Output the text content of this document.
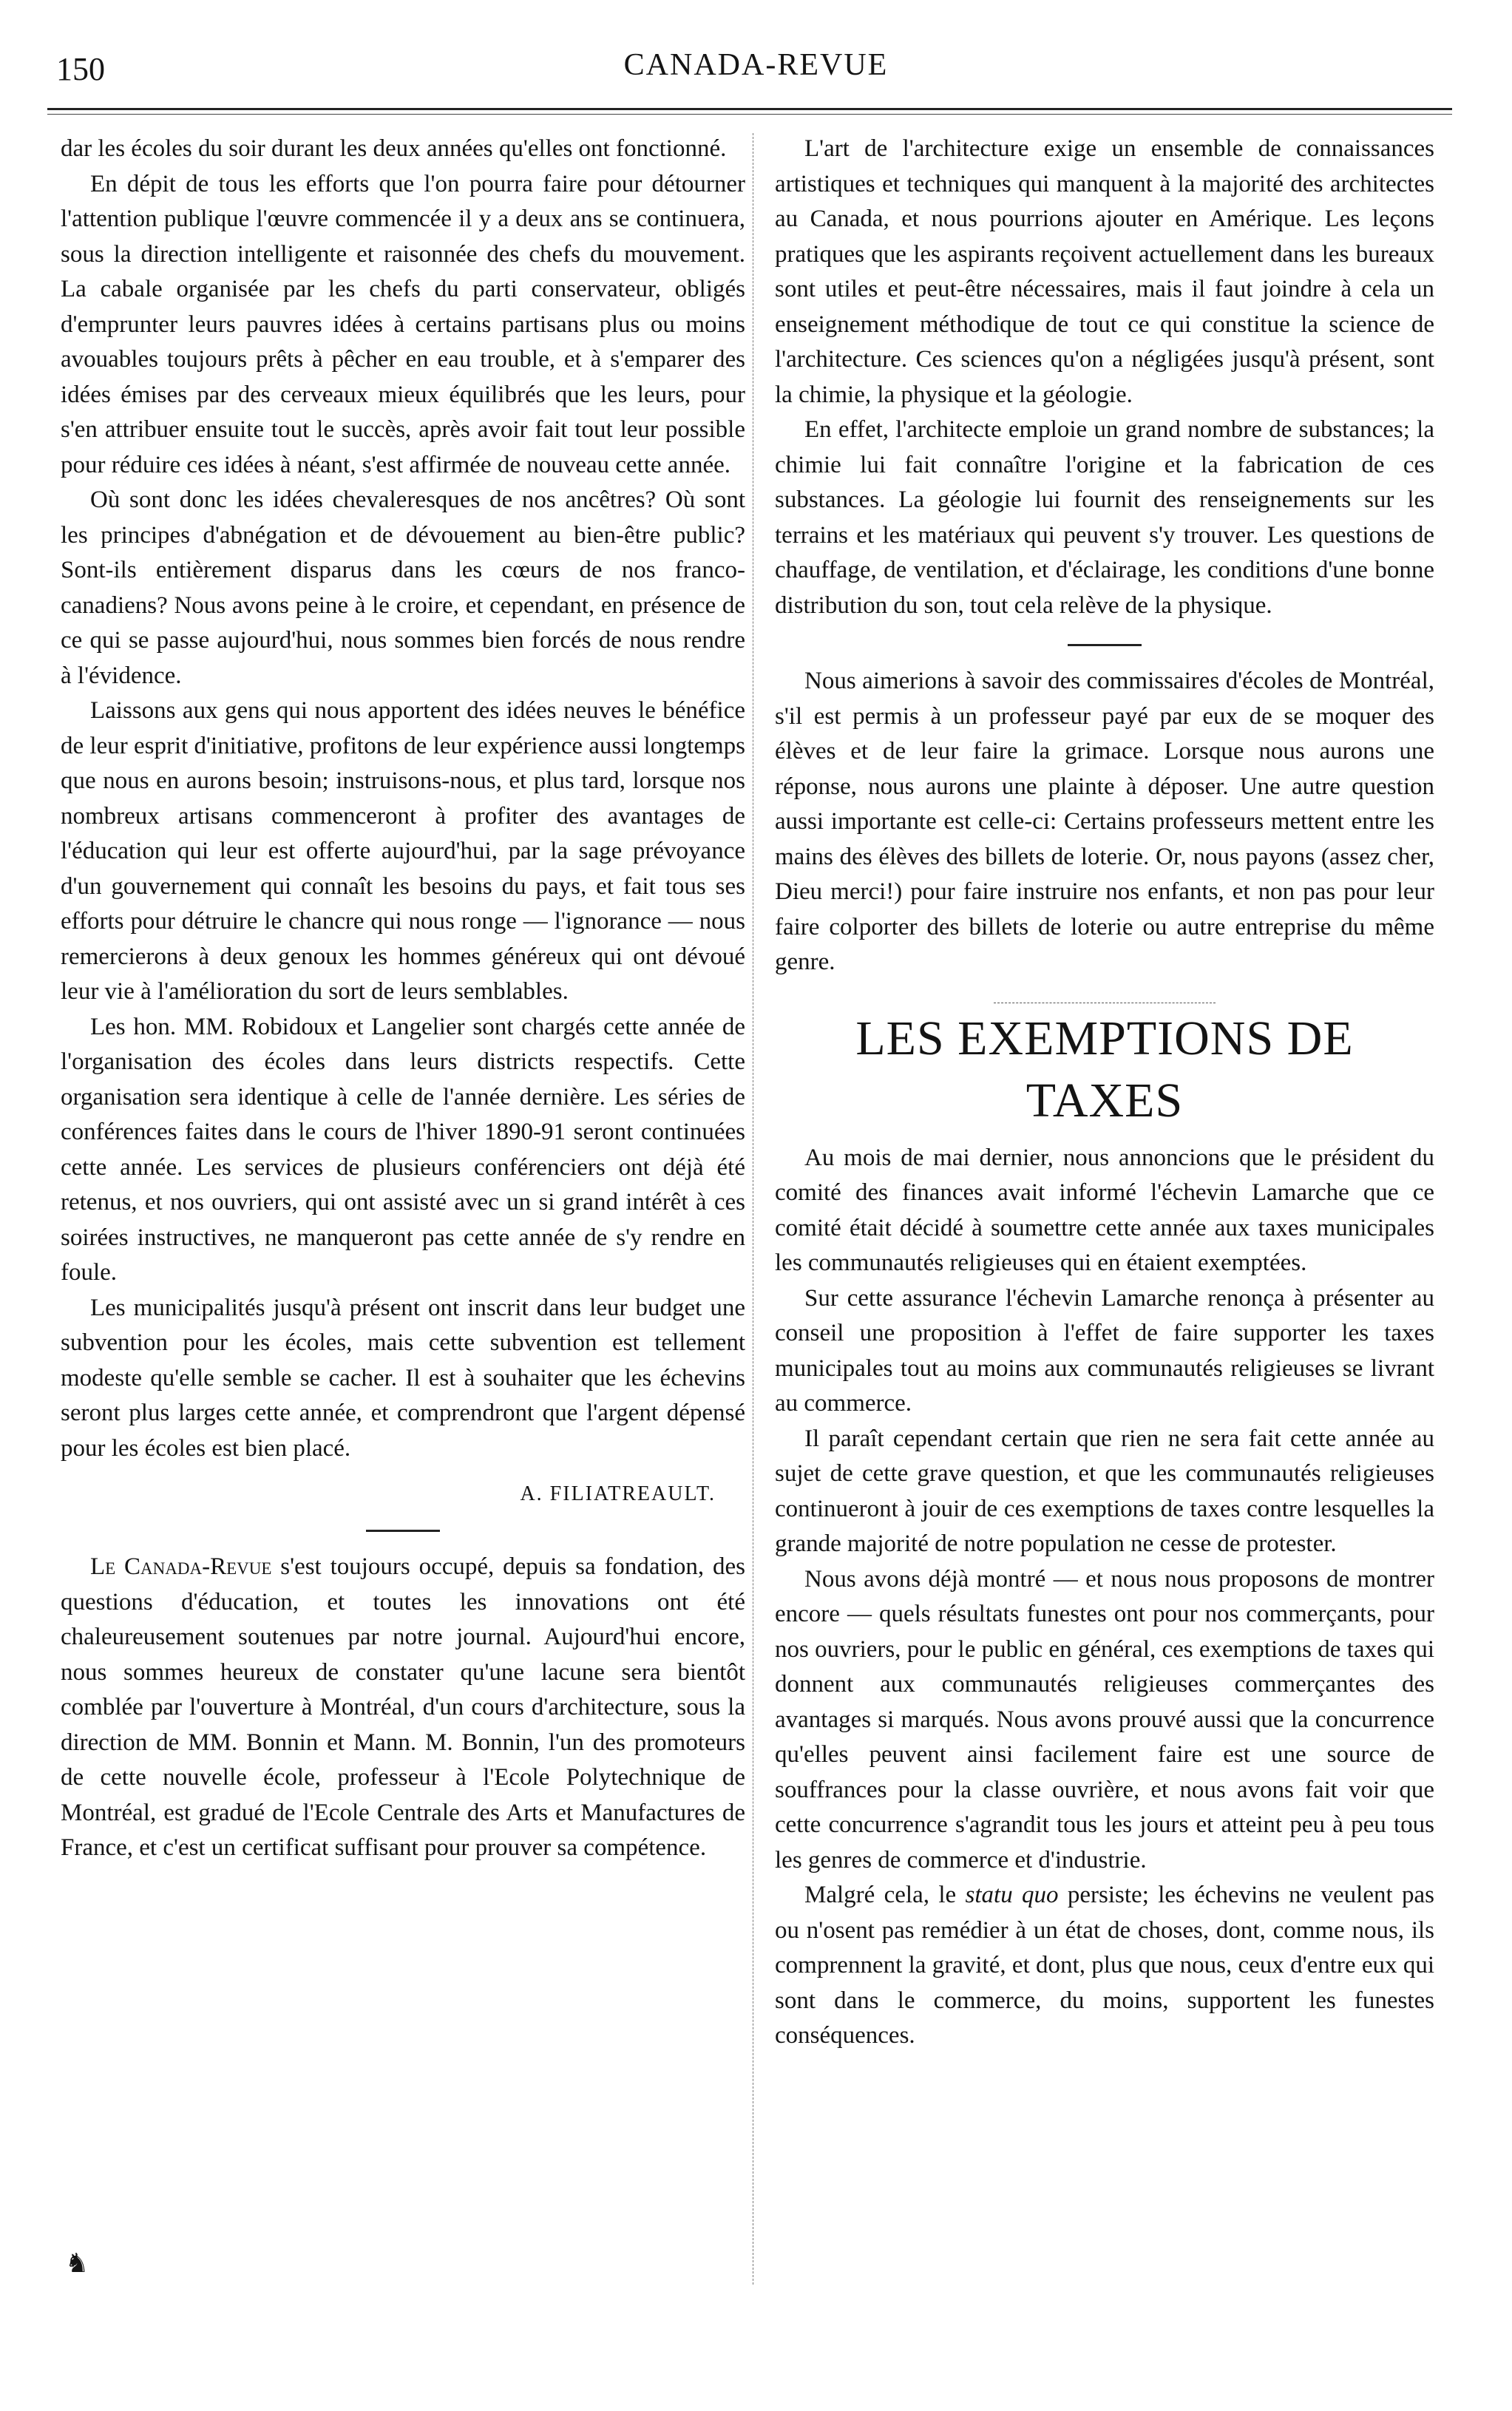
150	CANADA-REVUE

dar les écoles du soir durant les deux années qu'elles ont fonctionné.

En dépit de tous les efforts que l'on pourra faire pour détourner l'attention publique l'œuvre commencée il y a deux ans se continuera, sous la direction intelligente et raisonnée des chefs du mouvement. La cabale organisée par les chefs du parti conservateur, obligés d'emprunter leurs pauvres idées à certains partisans plus ou moins avouables toujours prêts à pêcher en eau trouble, et à s'emparer des idées émises par des cerveaux mieux équilibrés que les leurs, pour s'en attribuer ensuite tout le succès, après avoir fait tout leur possible pour réduire ces idées à néant, s'est affirmée de nouveau cette année.

Où sont donc les idées chevaleresques de nos ancêtres? Où sont les principes d'abnégation et de dévouement au bien-être public? Sont-ils entièrement disparus dans les cœurs de nos franco-canadiens? Nous avons peine à le croire, et cependant, en présence de ce qui se passe aujourd'hui, nous sommes bien forcés de nous rendre à l'évidence.

Laissons aux gens qui nous apportent des idées neuves le bénéfice de leur esprit d'initiative, profitons de leur expérience aussi longtemps que nous en aurons besoin; instruisons-nous, et plus tard, lorsque nos nombreux artisans commenceront à profiter des avantages de l'éducation qui leur est offerte aujourd'hui, par la sage prévoyance d'un gouvernement qui connaît les besoins du pays, et fait tous ses efforts pour détruire le chancre qui nous ronge — l'ignorance — nous remercierons à deux genoux les hommes généreux qui ont dévoué leur vie à l'amélioration du sort de leurs semblables.

Les hon. MM. Robidoux et Langelier sont chargés cette année de l'organisation des écoles dans leurs districts respectifs. Cette organisation sera identique à celle de l'année dernière. Les séries de conférences faites dans le cours de l'hiver 1890-91 seront continuées cette année. Les services de plusieurs conférenciers ont déjà été retenus, et nos ouvriers, qui ont assisté avec un si grand intérêt à ces soirées instructives, ne manqueront pas cette année de s'y rendre en foule.

Les municipalités jusqu'à présent ont inscrit dans leur budget une subvention pour les écoles, mais cette subvention est tellement modeste qu'elle semble se cacher. Il est à souhaiter que les échevins seront plus larges cette année, et comprendront que l'argent dépensé pour les écoles est bien placé.

A. FILIATREAULT.

Le Canada-Revue s'est toujours occupé, depuis sa fondation, des questions d'éducation, et toutes les innovations ont été chaleureusement soutenues par notre journal. Aujourd'hui encore, nous sommes heureux de constater qu'une lacune sera bientôt comblée par l'ouverture à Montréal, d'un cours d'architecture, sous la direction de MM. Bonnin et Mann. M. Bonnin, l'un des promoteurs de cette nouvelle école, professeur à l'Ecole Polytechnique de Montréal, est gradué de l'Ecole Centrale des Arts et Manufactures de France, et c'est un certificat suffisant pour prouver sa compétence.

L'art de l'architecture exige un ensemble de connaissances artistiques et techniques qui manquent à la majorité des architectes au Canada, et nous pourrions ajouter en Amérique. Les leçons pratiques que les aspirants reçoivent actuellement dans les bureaux sont utiles et peut-être nécessaires, mais il faut joindre à cela un enseignement méthodique de tout ce qui constitue la science de l'architecture. Ces sciences qu'on a négligées jusqu'à présent, sont la chimie, la physique et la géologie.

En effet, l'architecte emploie un grand nombre de substances; la chimie lui fait connaître l'origine et la fabrication de ces substances. La géologie lui fournit des renseignements sur les terrains et les matériaux qui peuvent s'y trouver. Les questions de chauffage, de ventilation, et d'éclairage, les conditions d'une bonne distribution du son, tout cela relève de la physique.

Nous aimerions à savoir des commissaires d'écoles de Montréal, s'il est permis à un professeur payé par eux de se moquer des élèves et de leur faire la grimace. Lorsque nous aurons une réponse, nous aurons une plainte à déposer. Une autre question aussi importante est celle-ci: Certains professeurs mettent entre les mains des élèves des billets de loterie. Or, nous payons (assez cher, Dieu merci!) pour faire instruire nos enfants, et non pas pour leur faire colporter des billets de loterie ou autre entreprise du même genre.

LES EXEMPTIONS DE TAXES

Au mois de mai dernier, nous annoncions que le président du comité des finances avait informé l'échevin Lamarche que ce comité était décidé à soumettre cette année aux taxes municipales les communautés religieuses qui en étaient exemptées.

Sur cette assurance l'échevin Lamarche renonça à présenter au conseil une proposition à l'effet de faire supporter les taxes municipales tout au moins aux communautés religieuses se livrant au commerce.

Il paraît cependant certain que rien ne sera fait cette année au sujet de cette grave question, et que les communautés religieuses continueront à jouir de ces exemptions de taxes contre lesquelles la grande majorité de notre population ne cesse de protester.

Nous avons déjà montré — et nous nous proposons de montrer encore — quels résultats funestes ont pour nos commerçants, pour nos ouvriers, pour le public en général, ces exemptions de taxes qui donnent aux communautés religieuses commerçantes des avantages si marqués. Nous avons prouvé aussi que la concurrence qu'elles peuvent ainsi facilement faire est une source de souffrances pour la classe ouvrière, et nous avons fait voir que cette concurrence s'agrandit tous les jours et atteint peu à peu tous les genres de commerce et d'industrie.

Malgré cela, le statu quo persiste; les échevins ne veulent pas ou n'osent pas remédier à un état de choses, dont, comme nous, ils comprennent la gravité, et dont, plus que nous, ceux d'entre eux qui sont dans le commerce, du moins, supportent les funestes conséquences.

♞
